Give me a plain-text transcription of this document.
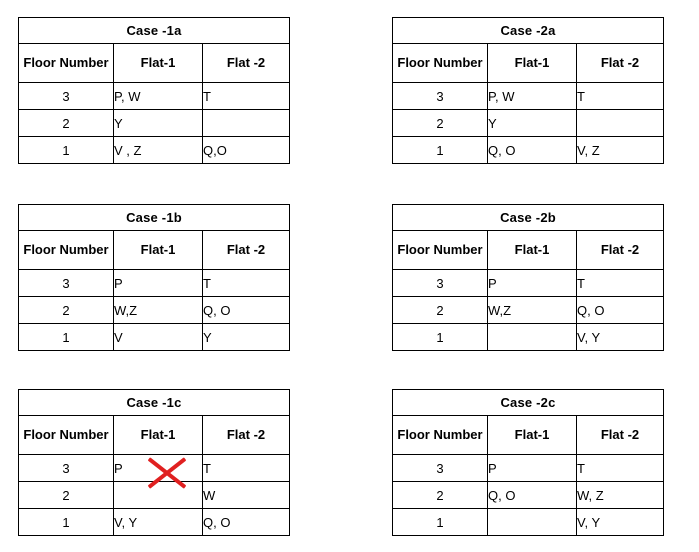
Case -1a		
Floor Number	Flat-1	Flat -2
3	P, W	T
2	Y	
1	V , Z	Q,O
Case -2a		
Floor Number	Flat-1	Flat -2
3	P, W	T
2	Y	
1	Q, O	V, Z
Case -1b		
Floor Number	Flat-1	Flat -2
3	P	T
2	W,Z	Q, O
1	V	Y
Case -2b		
Floor Number	Flat-1	Flat -2
3	P	T
2	W,Z	Q, O
1		V, Y
Case -1c		
Floor Number	Flat-1	Flat -2
3	P	T
2		W
1	V, Y	Q, O
Case -2c		
Floor Number	Flat-1	Flat -2
3	P	T
2	Q, O	W, Z
1		V, Y
